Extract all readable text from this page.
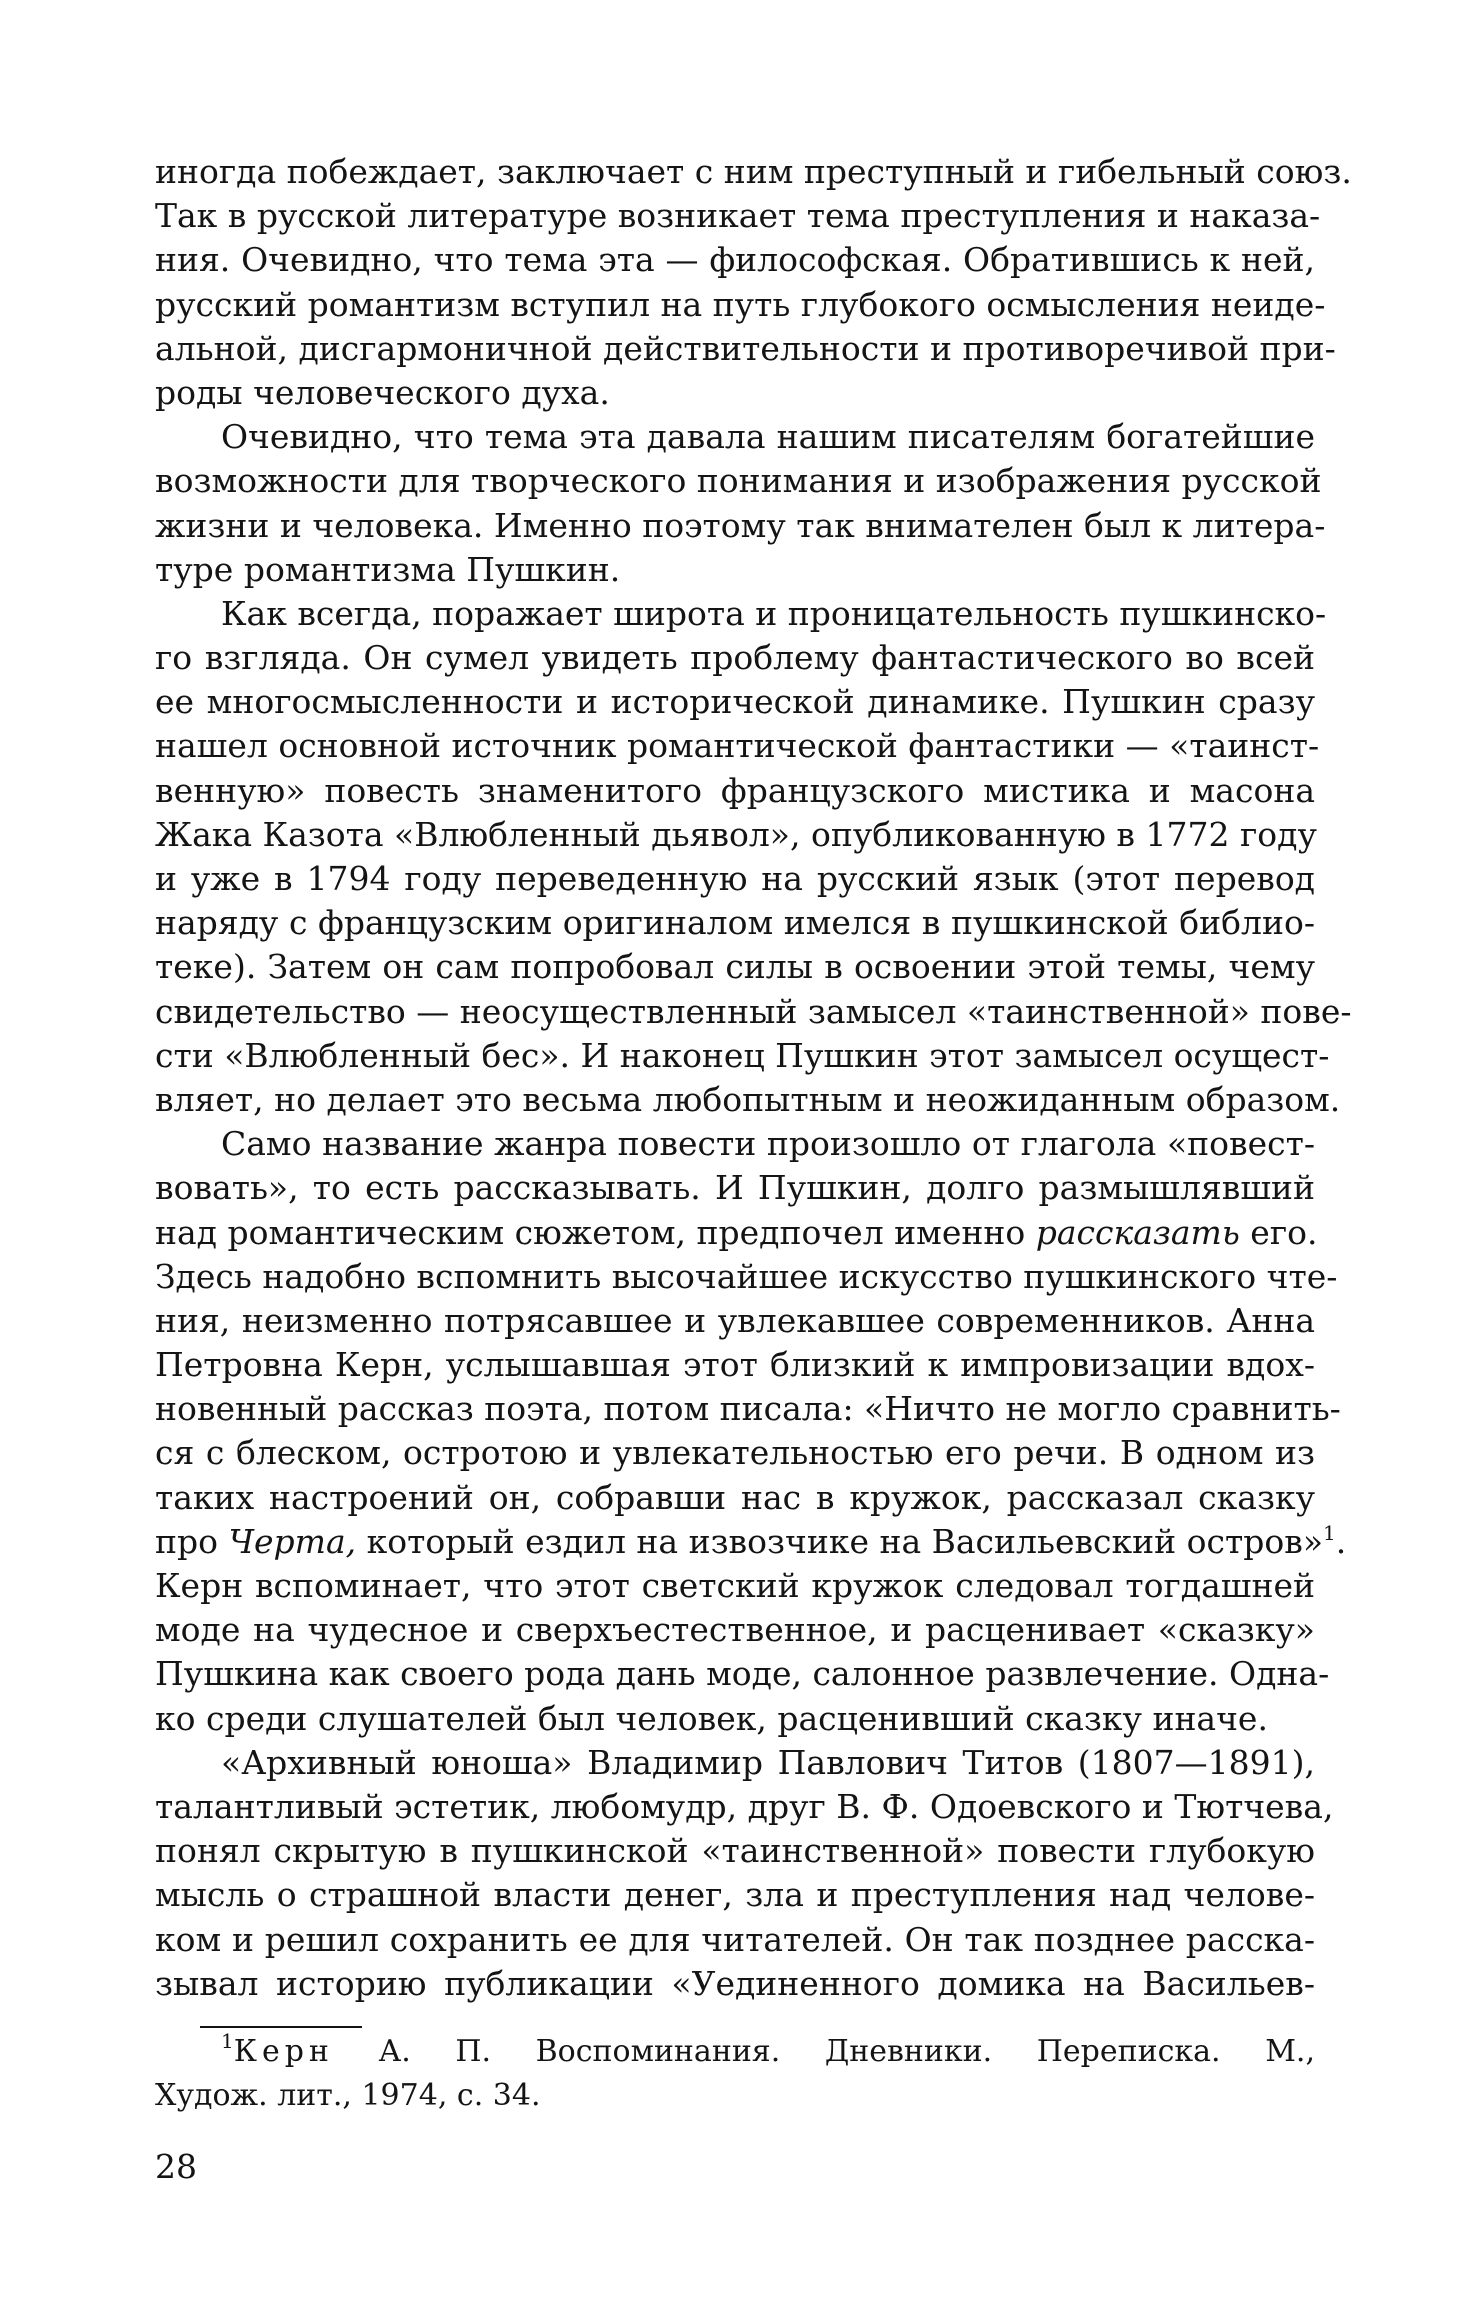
иногда побеждает, заключает с ним преступный и гибельный союз.
Так в русской литературе возникает тема преступления и наказа-
ния. Очевидно, что тема эта — философская. Обратившись к ней,
русский романтизм вступил на путь глубокого осмысления неиде-
альной, дисгармоничной действительности и противоречивой при-
роды человеческого духа.
Очевидно, что тема эта давала нашим писателям богатейшие
возможности для творческого понимания и изображения русской
жизни и человека. Именно поэтому так внимателен был к литера-
туре романтизма Пушкин.
Как всегда, поражает широта и проницательность пушкинско-
го взгляда. Он сумел увидеть проблему фантастического во всей
ее многосмысленности и исторической динамике. Пушкин сразу
нашел основной источник романтической фантастики — «таинст-
венную» повесть знаменитого французского мистика и масона
Жака Казота «Влюбленный дьявол», опубликованную в 1772 году
и уже в 1794 году переведенную на русский язык (этот перевод
наряду с французским оригиналом имелся в пушкинской библио-
теке). Затем он сам попробовал силы в освоении этой темы, чему
свидетельство — неосуществленный замысел «таинственной» пове-
сти «Влюбленный бес». И наконец Пушкин этот замысел осущест-
вляет, но делает это весьма любопытным и неожиданным образом.
Само название жанра повести произошло от глагола «повест-
вовать», то есть рассказывать. И Пушкин, долго размышлявший
над романтическим сюжетом, предпочел именно рассказать его.
Здесь надобно вспомнить высочайшее искусство пушкинского чте-
ния, неизменно потрясавшее и увлекавшее современников. Анна
Петровна Керн, услышавшая этот близкий к импровизации вдох-
новенный рассказ поэта, потом писала: «Ничто не могло сравнить-
ся с блеском, остротою и увлекательностью его речи. В одном из
таких настроений он, собравши нас в кружок, рассказал сказку
про Черта, который ездил на извозчике на Васильевский остров»$^1$.
Керн вспоминает, что этот светский кружок следовал тогдашней
моде на чудесное и сверхъестественное, и расценивает «сказку»
Пушкина как своего рода дань моде, салонное развлечение. Одна-
ко среди слушателей был человек, расценивший сказку иначе.
«Архивный юноша» Владимир Павлович Титов (1807—1891),
талантливый эстетик, любомудр, друг В. Ф. Одоевского и Тютчева,
понял скрытую в пушкинской «таинственной» повести глубокую
мысль о страшной власти денег, зла и преступления над челове-
ком и решил сохранить ее для читателей. Он так позднее расска-
зывал историю публикации «Уединенного домика на Васильев-
$^1$Керн А. П. Воспоминания. Дневники. Переписка. М.,
Худож. лит., 1974, с. 34.
28
